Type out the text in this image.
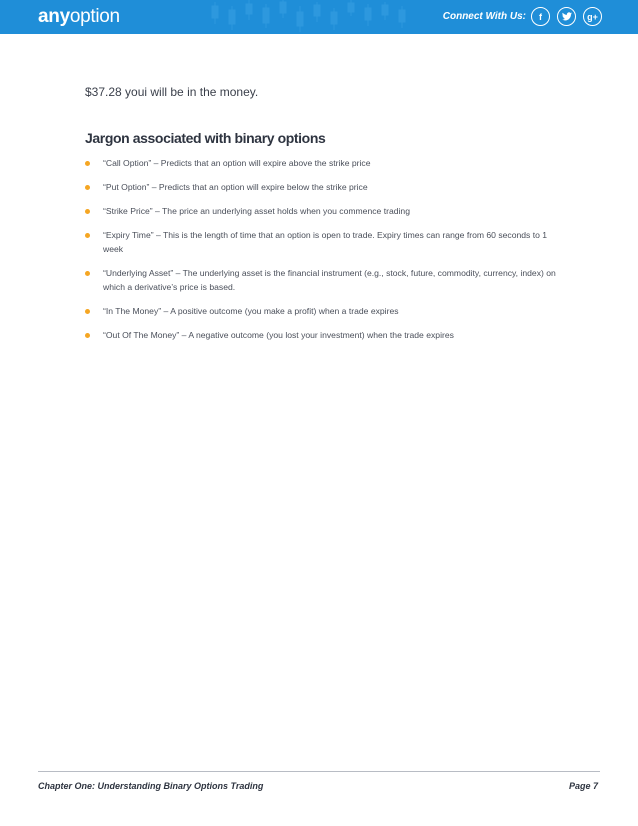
anyoption	Connect With Us:	f	g+
$37.28 youi will be in the money.
Jargon associated with binary options
“Call Option” – Predicts that an option will expire above the strike price
“Put Option” – Predicts that an option will expire below the strike price
“Strike Price” – The price an underlying asset holds when you commence trading
“Expiry Time” – This is the length of time that an option is open to trade. Expiry times can range from 60 seconds to 1 week
“Underlying Asset” – The underlying asset is the financial instrument (e.g., stock, future, commodity, currency, index) on which a derivative’s price is based.
“In The Money” – A positive outcome (you make a profit) when a trade expires
“Out Of The Money” – A negative outcome (you lost your investment) when the trade expires
Chapter One: Understanding Binary Options Trading	Page 7
